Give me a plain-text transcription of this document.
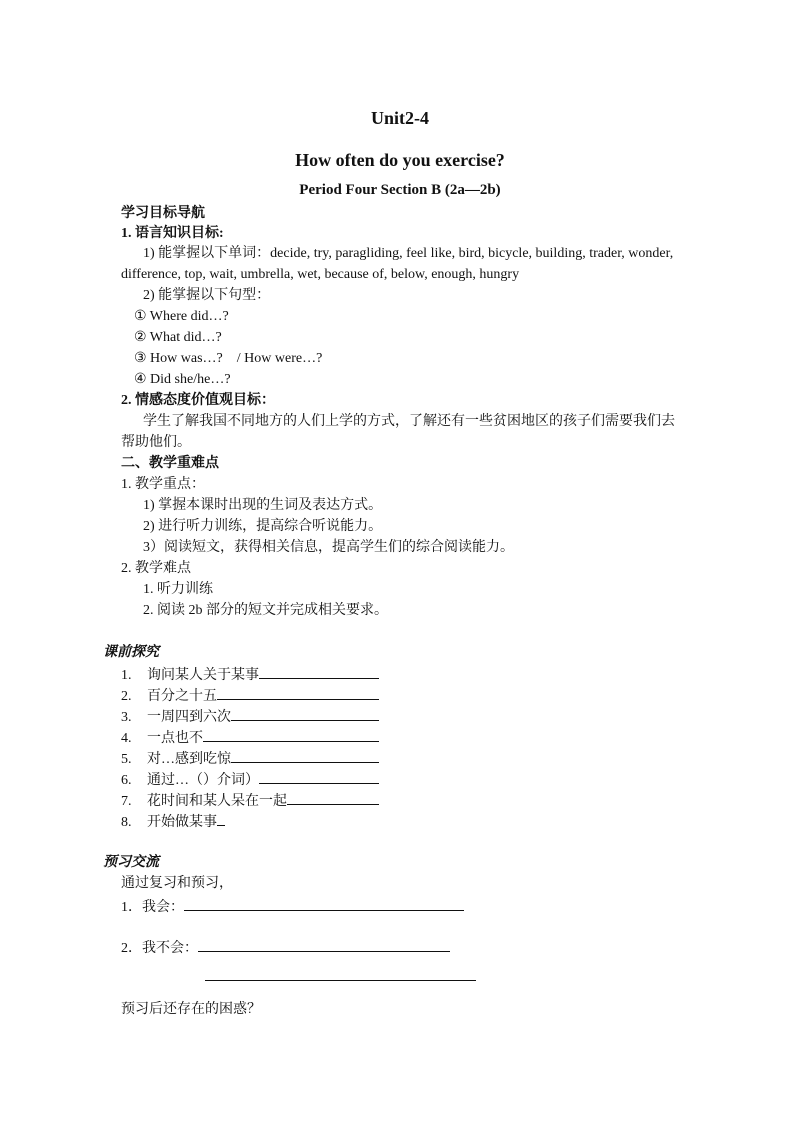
Unit2-4
How often do you exercise?
Period Four Section B (2a—2b)
学习目标导航
1. 语言知识目标:
1) 能掌握以下单词：decide, try, paragliding, feel like, bird, bicycle, building, trader, wonder,
difference, top, wait, umbrella, wet, because of, below, enough, hungry
2) 能掌握以下句型：
① Where did…?
② What did…?
③ How was…?    / How were…?
④ Did she/he…?
2. 情感态度价值观目标：
学生了解我国不同地方的人们上学的方式，了解还有一些贫困地区的孩子们需要我们去
帮助他们。
二、教学重难点
1. 教学重点：
1) 掌握本课时出现的生词及表达方式。
2) 进行听力训练，提高综合听说能力。
3）阅读短文，获得相关信息，提高学生们的综合阅读能力。
2. 教学难点
1. 听力训练
2. 阅读 2b 部分的短文并完成相关要求。
课前探究
1. 询问某人关于某事
2. 百分之十五
3. 一周四到六次
4. 一点也不
5. 对…感到吃惊
6. 通过…（）介词）
7. 花时间和某人呆在一起
8. 开始做某事
预习交流
通过复习和预习，
1．我会：
2．我不会：
预习后还存在的困惑？
